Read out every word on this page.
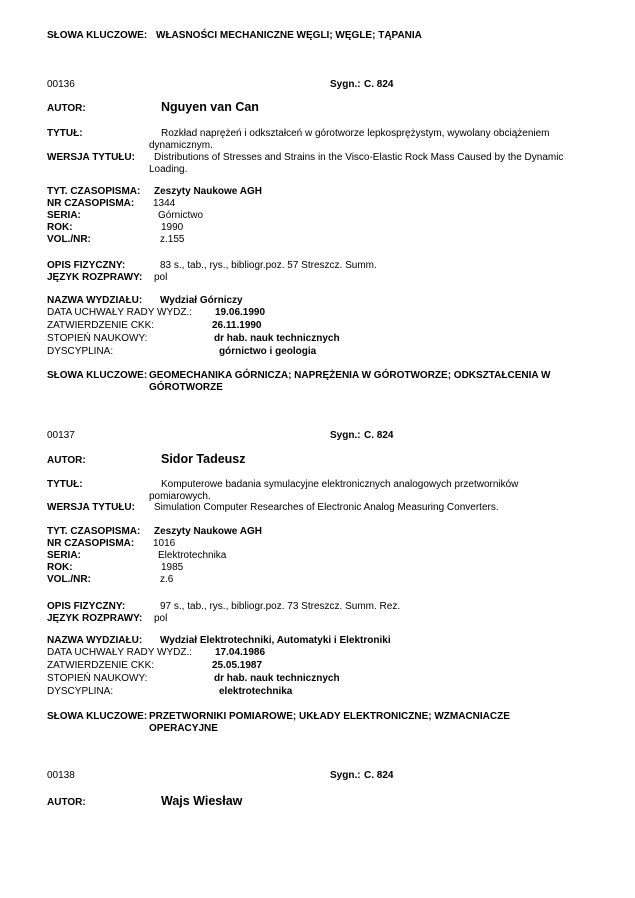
SŁOWA KLUCZOWE: WŁASNOŚCI MECHANICZNE WĘGLI; WĘGLE; TĄPANIA
00136	Sygn.: C. 824
AUTOR:	Nguyen van Can
TYTUŁ:	Rozkład naprężeń i odkształceń w górotworze lepkosprężystym, wywolany obciążeniem
dynamicznym.
WERSJA TYTUŁU: Distributions of Stresses and Strains in the Visco-Elastic Rock Mass Caused by the Dynamic
Loading.
TYT. CZASOPISMA: Zeszyty Naukowe AGH
NR CZASOPISMA: 1344
SERIA:	Górnictwo
ROK:	1990
VOL./NR:	z.155
OPIS FIZYCZNY:	83 s., tab., rys., bibliogr.poz. 57 Streszcz. Summ.
JĘZYK ROZPRAWY: pol
NAZWA WYDZIAŁU: Wydział Górniczy
DATA UCHWAŁY RADY WYDZ.: 19.06.1990
ZATWIERDZENIE CKK:	26.11.1990
STOPIEŃ NAUKOWY:	dr hab. nauk technicznych
DYSCYPLINA:	górnictwo i geologia
SŁOWA KLUCZOWE: GEOMECHANIKA GÓRNICZA; NAPRĘŻENIA W GÓROTWORZE; ODKSZTAŁCENIA W
GÓROTWORZE
00137	Sygn.: C. 824
AUTOR:	Sidor Tadeusz
TYTUŁ:	Komputerowe badania symulacyjne elektronicznych analogowych przetworników
pomiarowych.
WERSJA TYTUŁU: Simulation Computer Researches of Electronic Analog Measuring Converters.
TYT. CZASOPISMA: Zeszyty Naukowe AGH
NR CZASOPISMA: 1016
SERIA:	Elektrotechnika
ROK:	1985
VOL./NR:	z.6
OPIS FIZYCZNY:	97 s., tab., rys., bibliogr.poz. 73 Streszcz. Summ. Rez.
JĘZYK ROZPRAWY: pol
NAZWA WYDZIAŁU: Wydział Elektrotechniki, Automatyki i Elektroniki
DATA UCHWAŁY RADY WYDZ.: 17.04.1986
ZATWIERDZENIE CKK:	25.05.1987
STOPIEŃ NAUKOWY:	dr hab. nauk technicznych
DYSCYPLINA:	elektrotechnika
SŁOWA KLUCZOWE: PRZETWORNIKI POMIAROWE; UKŁADY ELEKTRONICZNE; WZMACNIACZE
OPERACYJNE
00138	Sygn.: C. 824
AUTOR:	Wajs Wiesław
